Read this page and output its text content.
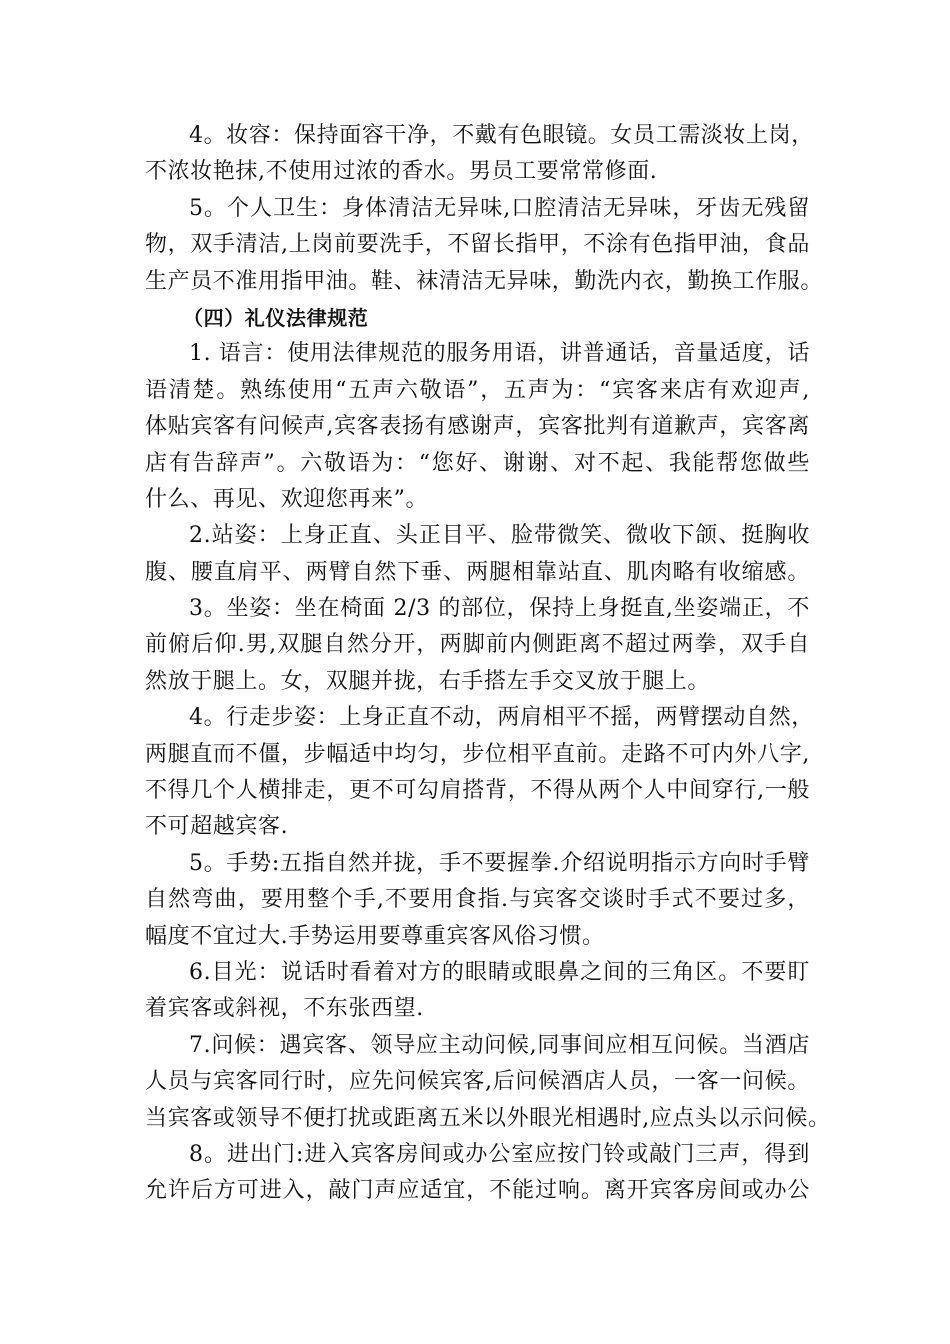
4。妆容：保持面容干净，不戴有色眼镜。女员工需淡妆上岗，
不浓妆艳抹,不使用过浓的香水。男员工要常常修面.
5。个人卫生：身体清洁无异味,口腔清洁无异味，牙齿无残留
物，双手清洁,上岗前要洗手，不留长指甲，不涂有色指甲油，食品
生产员不准用指甲油。鞋、袜清洁无异味，勤洗内衣，勤换工作服。
（四）礼仪法律规范
1. 语言：使用法律规范的服务用语，讲普通话，音量适度，话
语清楚。熟练使用“五声六敬语”，五声为：“宾客来店有欢迎声,
体贴宾客有问候声,宾客表扬有感谢声，宾客批判有道歉声，宾客离
店有告辞声”。六敬语为：“您好、谢谢、对不起、我能帮您做些
什么、再见、欢迎您再来”。
2.站姿：上身正直、头正目平、脸带微笑、微收下颌、挺胸收
腹、腰直肩平、两臂自然下垂、两腿相靠站直、肌肉略有收缩感。
3。坐姿：坐在椅面 2/3 的部位，保持上身挺直,坐姿端正，不
前俯后仰.男,双腿自然分开，两脚前内侧距离不超过两拳，双手自
然放于腿上。女，双腿并拢，右手搭左手交叉放于腿上。
4。行走步姿：上身正直不动，两肩相平不摇，两臂摆动自然，
两腿直而不僵，步幅适中均匀，步位相平直前。走路不可内外八字,
不得几个人横排走，更不可勾肩搭背，不得从两个人中间穿行,一般
不可超越宾客.
5。手势:五指自然并拢，手不要握拳.介绍说明指示方向时手臂
自然弯曲，要用整个手,不要用食指.与宾客交谈时手式不要过多，
幅度不宜过大.手势运用要尊重宾客风俗习惯。
6.目光：说话时看着对方的眼睛或眼鼻之间的三角区。不要盯
着宾客或斜视，不东张西望.
7.问候：遇宾客、领导应主动问候,同事间应相互问候。当酒店
人员与宾客同行时，应先问候宾客,后问候酒店人员，一客一问候。
当宾客或领导不便打扰或距离五米以外眼光相遇时,应点头以示问候。
8。进出门:进入宾客房间或办公室应按门铃或敲门三声，得到
允许后方可进入，敲门声应适宜，不能过响。离开宾客房间或办公
